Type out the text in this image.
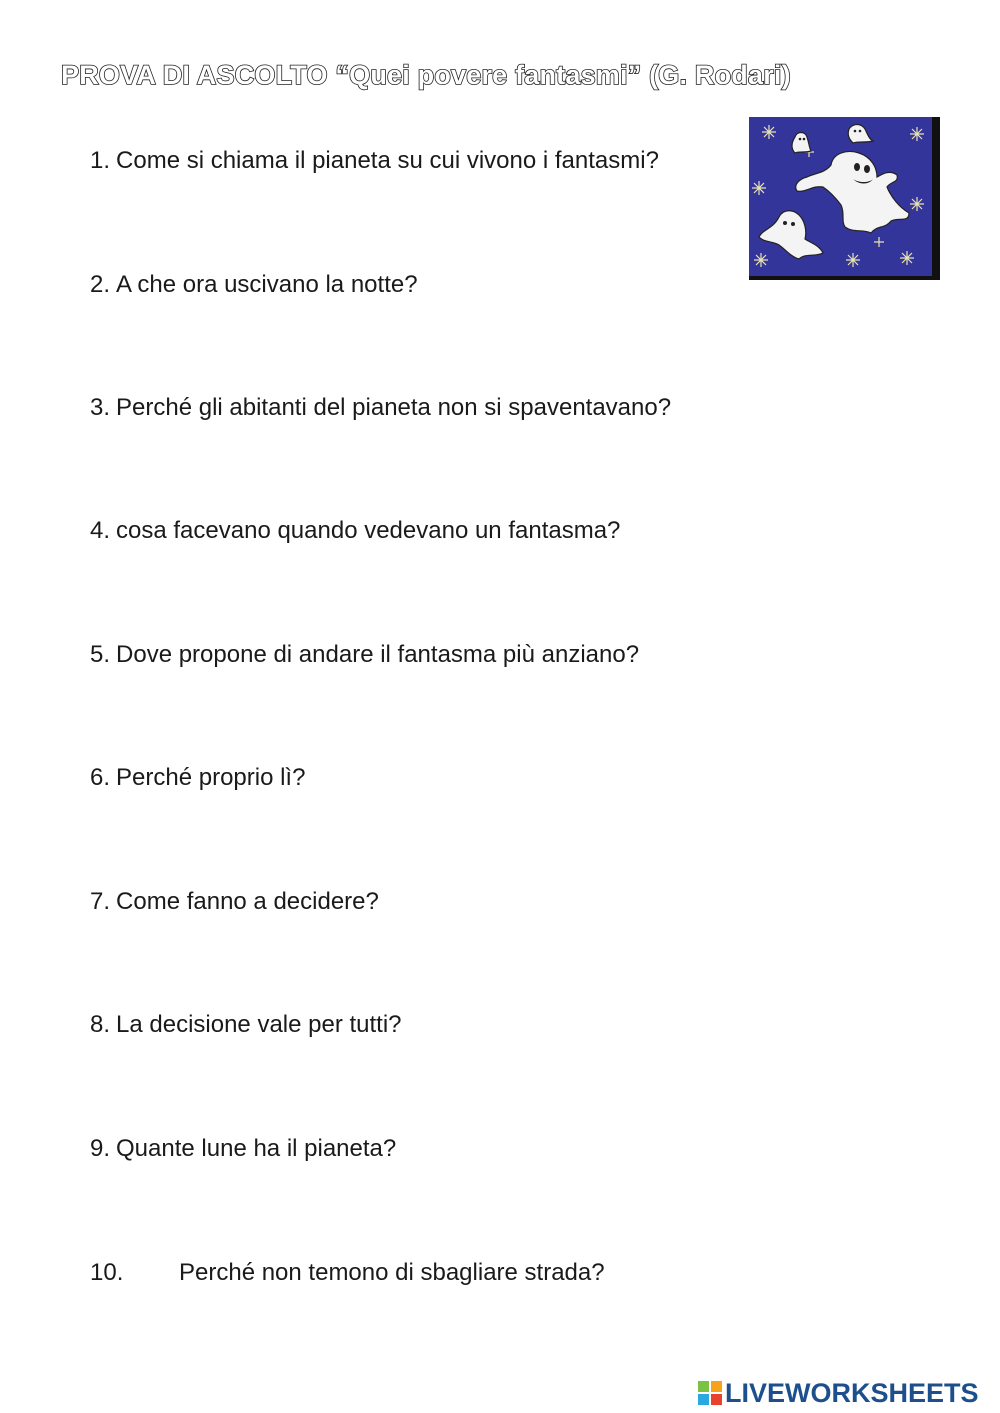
PROVA DI ASCOLTO “Quei povere fantasmi” (G. Rodari)
1. Come si chiama il pianeta su cui vivono i fantasmi?
2. A che ora uscivano la notte?
3. Perché gli abitanti del pianeta non si spaventavano?
4. cosa facevano quando vedevano un fantasma?
5. Dove propone di andare il fantasma più anziano?
6. Perché proprio lì?
7. Come fanno a decidere?
8. La decisione vale per tutti?
9. Quante lune ha il pianeta?
10. Perché non temono di sbagliare strada?
LIVEWORKSHEETS
